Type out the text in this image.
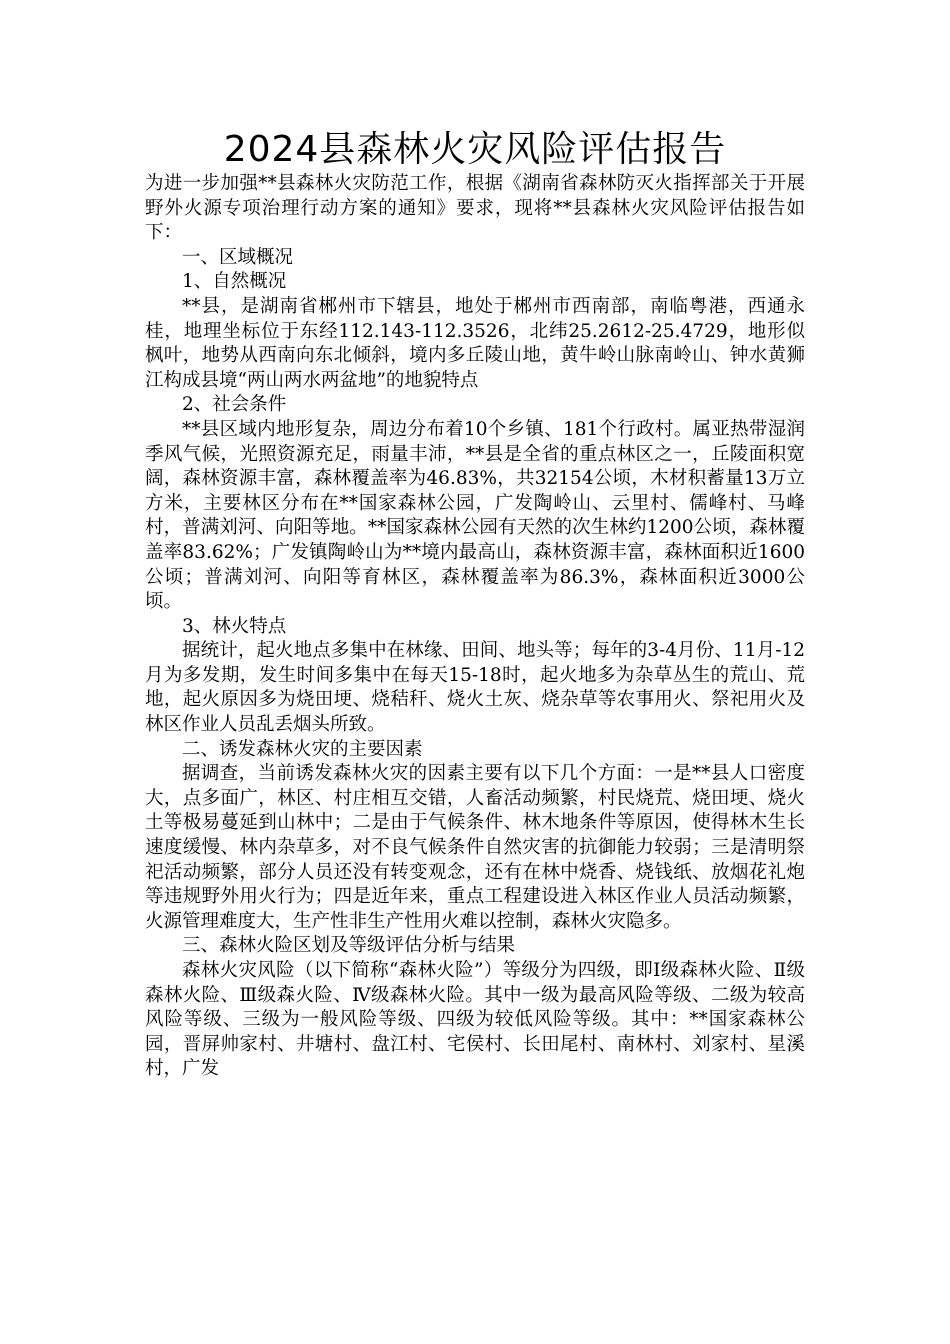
2024县森林火灾风险评估报告

为进一步加强**县森林火灾防范工作，根据《湖南省森林防灭火指挥部关于开展野外火源专项治理行动方案的通知》要求，现将**县森林火灾风险评估报告如下：

一、区域概况

1、自然概况

**县，是湖南省郴州市下辖县，地处于郴州市西南部，南临粤港，西通永桂，地理坐标位于东经112.143-112.3526，北纬25.2612-25.4729，地形似枫叶，地势从西南向东北倾斜，境内多丘陵山地，黄牛岭山脉南岭山、钟水黄狮江构成县境“两山两水两盆地”的地貌特点

2、社会条件

**县区域内地形复杂，周边分布着10个乡镇、181个行政村。属亚热带湿润季风气候，光照资源充足，雨量丰沛，**县是全省的重点林区之一，丘陵面积宽阔，森林资源丰富，森林覆盖率为46.83%，共32154公顷，木材积蓄量13万立方米，主要林区分布在**国家森林公园，广发陶岭山、云里村、儒峰村、马峰村，普满刘河、向阳等地。**国家森林公园有天然的次生林约1200公顷，森林覆盖率83.62%；广发镇陶岭山为**境内最高山，森林资源丰富，森林面积近1600公顷；普满刘河、向阳等育林区，森林覆盖率为86.3%，森林面积近3000公顷。

3、林火特点

据统计，起火地点多集中在林缘、田间、地头等；每年的3-4月份、11月-12月为多发期，发生时间多集中在每天15-18时，起火地多为杂草丛生的荒山、荒地，起火原因多为烧田埂、烧秸秆、烧火土灰、烧杂草等农事用火、祭祀用火及林区作业人员乱丢烟头所致。

二、诱发森林火灾的主要因素

据调查，当前诱发森林火灾的因素主要有以下几个方面：一是**县人口密度大，点多面广，林区、村庄相互交错，人畜活动频繁，村民烧荒、烧田埂、烧火土等极易蔓延到山林中；二是由于气候条件、林木地条件等原因，使得林木生长速度缓慢、林内杂草多，对不良气候条件自然灾害的抗御能力较弱；三是清明祭祀活动频繁，部分人员还没有转变观念，还有在林中烧香、烧钱纸、放烟花礼炮等违规野外用火行为；四是近年来，重点工程建设进入林区作业人员活动频繁，火源管理难度大，生产性非生产性用火难以控制，森林火灾隐多。

三、森林火险区划及等级评估分析与结果

森林火灾风险（以下简称“森林火险”）等级分为四级，即Ⅰ级森林火险、Ⅱ级森林火险、Ⅲ级森火险、Ⅳ级森林火险。其中一级为最高风险等级、二级为较高风险等级、三级为一般风险等级、四级为较低风险等级。其中：**国家森林公园，晋屏帅家村、井塘村、盘江村、宅侯村、长田尾村、南林村、刘家村、星溪村，广发
